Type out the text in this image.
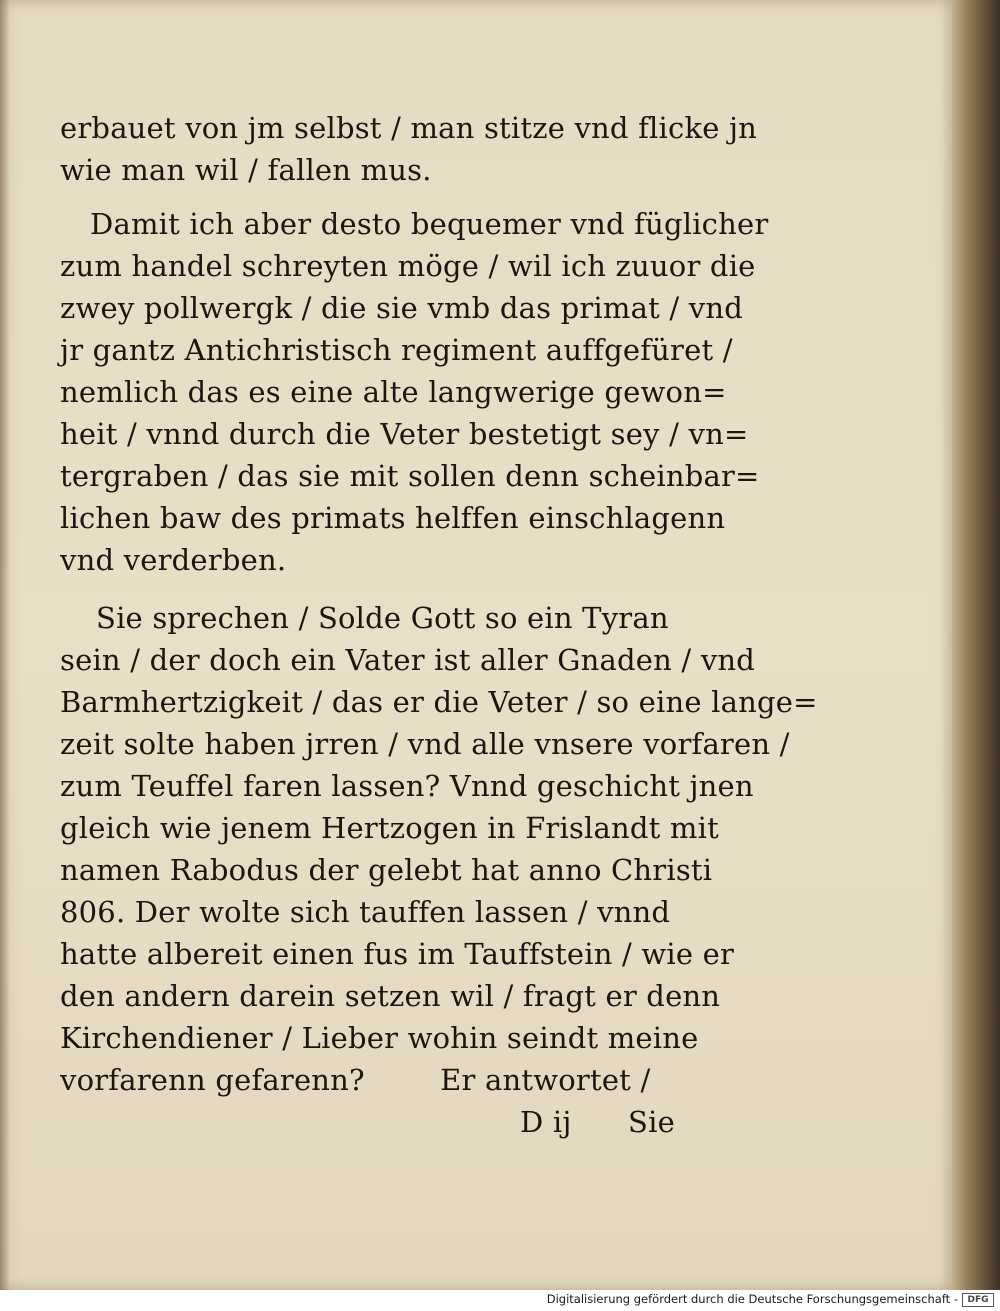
erbauet von jm selbst / man stitze vnd flicke jn
wie man wil / fallen mus.
Damit ich aber desto bequemer vnd füglicher
zum handel schreyten möge / wil ich zuuor die
zwey pollwergk / die sie vmb das primat / vnd
jr gantz Antichristisch regiment auffgefüret /
nemlich das es eine alte langwerige gewon=
heit / vnnd durch die Veter bestetigt sey / vn=
tergraben / das sie mit sollen denn scheinbar=
lichen baw des primats helffen einschlagenn
vnd verderben.
Sie sprechen / Solde Gott so ein Tyran
sein / der doch ein Vater ist aller Gnaden / vnd
Barmhertzigkeit / das er die Veter / so eine lange=
zeit solte haben jrren / vnd alle vnsere vorfaren /
zum Teuffel faren lassen? Vnnd geschicht jnen
gleich wie jenem Hertzogen in Frislandt mit
namen Rabodus der gelebt hat anno Christi
806. Der wolte sich tauffen lassen / vnnd
hatte albereit einen fus im Tauffstein / wie er
den andern darein setzen wil / fragt er denn
Kirchendiener / Lieber wohin seindt meine
vorfarenn gefarenn?        Er antwortet /
D ij      Sie
Digitalisierung gefördert durch die Deutsche Forschungsgemeinschaft -	DFG
